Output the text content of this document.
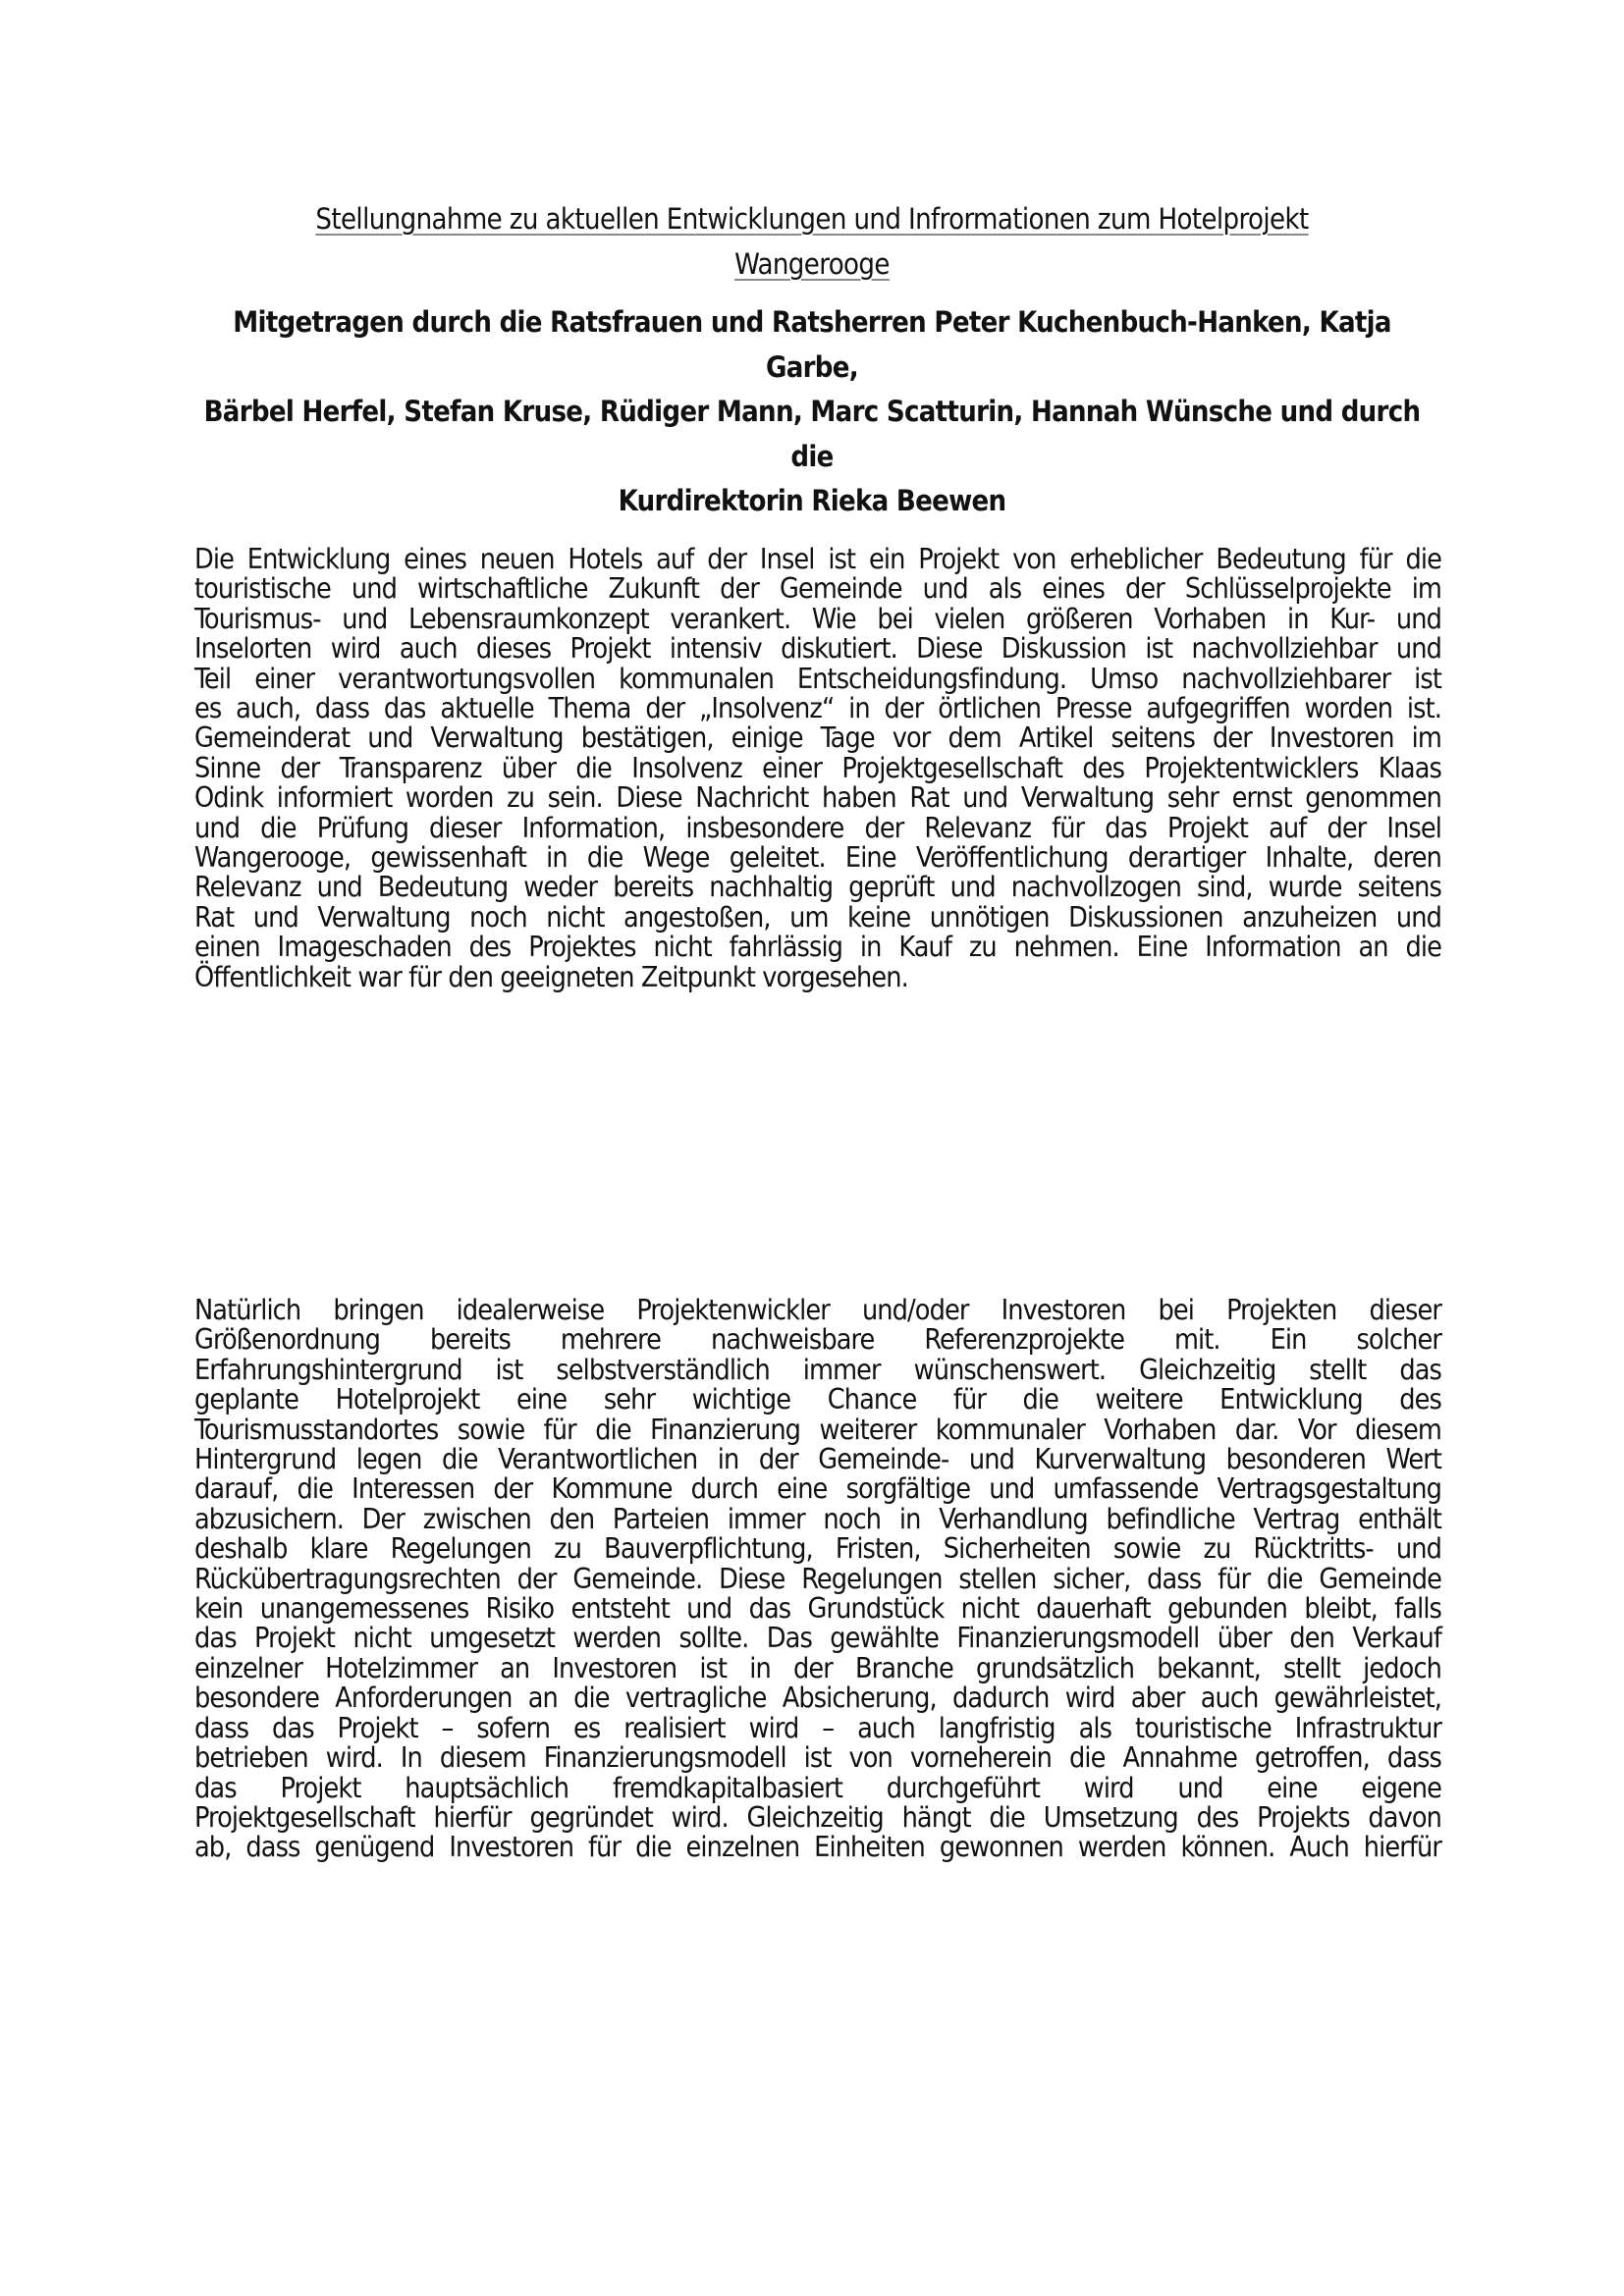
Stellungnahme zu aktuellen Entwicklungen und Infrormationen zum Hotelprojekt
Wangerooge

Mitgetragen durch die Ratsfrauen und Ratsherren Peter Kuchenbuch-Hanken, Katja Garbe,
Bärbel Herfel, Stefan Kruse, Rüdiger Mann, Marc Scatturin, Hannah Wünsche und durch die
Kurdirektorin Rieka Beewen

Die Entwicklung eines neuen Hotels auf der Insel ist ein Projekt von erheblicher Bedeutung für die
touristische und wirtschaftliche Zukunft der Gemeinde und als eines der Schlüsselprojekte im
Tourismus- und Lebensraumkonzept verankert. Wie bei vielen größeren Vorhaben in Kur- und
Inselorten wird auch dieses Projekt intensiv diskutiert. Diese Diskussion ist nachvollziehbar und
Teil einer verantwortungsvollen kommunalen Entscheidungsfindung. Umso nachvollziehbarer ist
es auch, dass das aktuelle Thema der „Insolvenz“ in der örtlichen Presse aufgegriffen worden ist.
Gemeinderat und Verwaltung bestätigen, einige Tage vor dem Artikel seitens der Investoren im
Sinne der Transparenz über die Insolvenz einer Projektgesellschaft des Projektentwicklers Klaas
Odink informiert worden zu sein. Diese Nachricht haben Rat und Verwaltung sehr ernst genommen
und die Prüfung dieser Information, insbesondere der Relevanz für das Projekt auf der Insel
Wangerooge, gewissenhaft in die Wege geleitet. Eine Veröffentlichung derartiger Inhalte, deren
Relevanz und Bedeutung weder bereits nachhaltig geprüft und nachvollzogen sind, wurde seitens
Rat und Verwaltung noch nicht angestoßen, um keine unnötigen Diskussionen anzuheizen und
einen Imageschaden des Projektes nicht fahrlässig in Kauf zu nehmen. Eine Information an die
Öffentlichkeit war für den geeigneten Zeitpunkt vorgesehen.

Natürlich bringen idealerweise Projektenwickler und/oder Investoren bei Projekten dieser
Größenordnung bereits mehrere nachweisbare Referenzprojekte mit. Ein solcher
Erfahrungshintergrund ist selbstverständlich immer wünschenswert. Gleichzeitig stellt das
geplante Hotelprojekt eine sehr wichtige Chance für die weitere Entwicklung des
Tourismusstandortes sowie für die Finanzierung weiterer kommunaler Vorhaben dar. Vor diesem
Hintergrund legen die Verantwortlichen in der Gemeinde- und Kurverwaltung besonderen Wert
darauf, die Interessen der Kommune durch eine sorgfältige und umfassende Vertragsgestaltung
abzusichern. Der zwischen den Parteien immer noch in Verhandlung befindliche Vertrag enthält
deshalb klare Regelungen zu Bauverpflichtung, Fristen, Sicherheiten sowie zu Rücktritts- und
Rückübertragungsrechten der Gemeinde. Diese Regelungen stellen sicher, dass für die Gemeinde
kein unangemessenes Risiko entsteht und das Grundstück nicht dauerhaft gebunden bleibt, falls
das Projekt nicht umgesetzt werden sollte. Das gewählte Finanzierungsmodell über den Verkauf
einzelner Hotelzimmer an Investoren ist in der Branche grundsätzlich bekannt, stellt jedoch
besondere Anforderungen an die vertragliche Absicherung, dadurch wird aber auch gewährleistet,
dass das Projekt – sofern es realisiert wird – auch langfristig als touristische Infrastruktur
betrieben wird. In diesem Finanzierungsmodell ist von vorneherein die Annahme getroffen, dass
das Projekt hauptsächlich fremdkapitalbasiert durchgeführt wird und eine eigene
Projektgesellschaft hierfür gegründet wird. Gleichzeitig hängt die Umsetzung des Projekts davon
ab, dass genügend Investoren für die einzelnen Einheiten gewonnen werden können. Auch hierfür
